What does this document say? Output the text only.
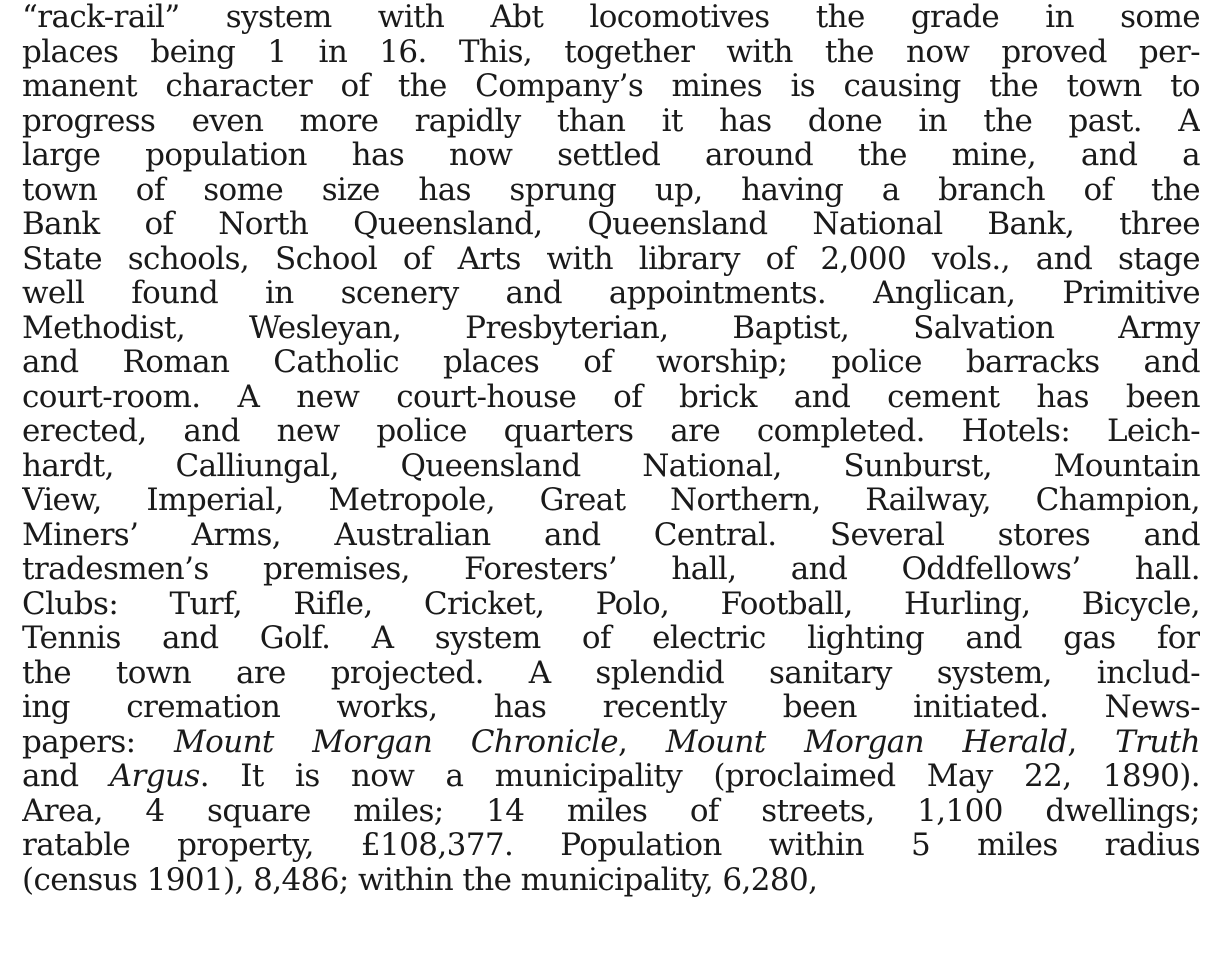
“rack-rail” system with Abt locomotives the grade in some
places being 1 in 16. This, together with the now proved per-
manent character of the Company’s mines is causing the town to
progress even more rapidly than it has done in the past. A
large population has now settled around the mine, and a
town of some size has sprung up, having a branch of the
Bank of North Queensland, Queensland National Bank, three
State schools, School of Arts with library of 2,000 vols., and stage
well found in scenery and appointments. Anglican, Primitive
Methodist, Wesleyan, Presbyterian, Baptist, Salvation Army
and Roman Catholic places of worship; police barracks and
court-room. A new court-house of brick and cement has been
erected, and new police quarters are completed. Hotels: Leich-
hardt, Calliungal, Queensland National, Sunburst, Mountain
View, Imperial, Metropole, Great Northern, Railway, Champion,
Miners’ Arms, Australian and Central. Several stores and
tradesmen’s premises, Foresters’ hall, and Oddfellows’ hall.
Clubs: Turf, Rifle, Cricket, Polo, Football, Hurling, Bicycle,
Tennis and Golf. A system of electric lighting and gas for
the town are projected. A splendid sanitary system, includ-
ing cremation works, has recently been initiated. News-
papers: Mount Morgan Chronicle, Mount Morgan Herald, Truth
and Argus. It is now a municipality (proclaimed May 22, 1890).
Area, 4 square miles; 14 miles of streets, 1,100 dwellings;
ratable property, £108,377. Population within 5 miles radius
(census 1901), 8,486; within the municipality, 6,280,
